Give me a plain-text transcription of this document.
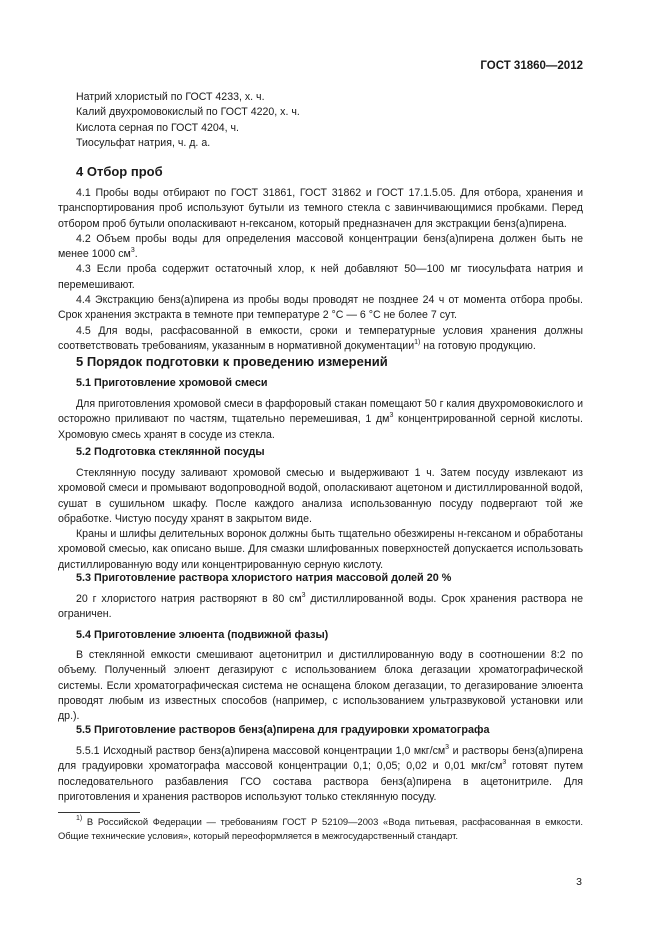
ГОСТ 31860—2012
Натрий хлористый по ГОСТ 4233, х. ч.
Калий двухромовокислый по ГОСТ 4220, х. ч.
Кислота серная по ГОСТ 4204, ч.
Тиосульфат натрия, ч. д. а.
4 Отбор проб

4.1 Пробы воды отбирают по ГОСТ 31861, ГОСТ 31862 и ГОСТ 17.1.5.05. Для отбора, хранения и транспортирования проб используют бутыли из темного стекла с завинчивающимися пробками. Перед отбором проб бутыли ополаскивают н-гексаном, который предназначен для экстракции бенз(а)пирена.

4.2 Объем пробы воды для определения массовой концентрации бенз(а)пирена должен быть не менее 1000 $см^3$.

4.3 Если проба содержит остаточный хлор, к ней добавляют 50—100 мг тиосульфата натрия и перемешивают.

4.4 Экстракцию бенз(а)пирена из пробы воды проводят не позднее 24 ч от момента отбора пробы. Срок хранения экстракта в темноте при температуре 2 °С — 6 °С не более 7 сут.

4.5 Для воды, расфасованной в емкости, сроки и температурные условия хранения должны соответствовать требованиям, указанным в нормативной документации$^{1)}$ на готовую продукцию.

5 Порядок подготовки к проведению измерений
5.1 Приготовление хромовой смеси

Для приготовления хромовой смеси в фарфоровый стакан помещают 50 г калия двухромовокислого и осторожно приливают по частям, тщательно перемешивая, 1 $дм^3$ концентрированной серной кислоты. Хромовую смесь хранят в сосуде из стекла.

5.2 Подготовка стеклянной посуды

Стеклянную посуду заливают хромовой смесью и выдерживают 1 ч. Затем посуду извлекают из хромовой смеси и промывают водопроводной водой, ополаскивают ацетоном и дистиллированной водой, сушат в сушильном шкафу. После каждого анализа использованную посуду подвергают той же обработке. Чистую посуду хранят в закрытом виде.

Краны и шлифы делительных воронок должны быть тщательно обезжирены н-гексаном и обработаны хромовой смесью, как описано выше. Для смазки шлифованных поверхностей допускается использовать дистиллированную воду или концентрированную серную кислоту.

5.3 Приготовление раствора хлористого натрия массовой долей 20 %

20 г хлористого натрия растворяют в 80 $см^3$ дистиллированной воды. Срок хранения раствора не ограничен.

5.4 Приготовление элюента (подвижной фазы)

В стеклянной емкости смешивают ацетонитрил и дистиллированную воду в соотношении 8:2 по объему. Полученный элюент дегазируют с использованием блока дегазации хроматографической системы. Если хроматографическая система не оснащена блоком дегазации, то дегазирование элюента проводят любым из известных способов (например, с использованием ультразвуковой установки или др.).

5.5 Приготовление растворов бенз(а)пирена для градуировки хроматографа

5.5.1 Исходный раствор бенз(а)пирена массовой концентрации 1,0 мкг/$см^3$ и растворы бенз(а)пирена для градуировки хроматографа массовой концентрации 0,1; 0,05; 0,02 и 0,01 мкг/$см^3$ готовят путем последовательного разбавления ГСО состава раствора бенз(а)пирена в ацетонитриле. Для приготовления и хранения растворов используют только стеклянную посуду.

$^{1)}$ В Российской Федерации — требованиям ГОСТ Р 52109—2003 «Вода питьевая, расфасованная в емкости. Общие технические условия», который переоформляется в межгосударственный стандарт.
3
